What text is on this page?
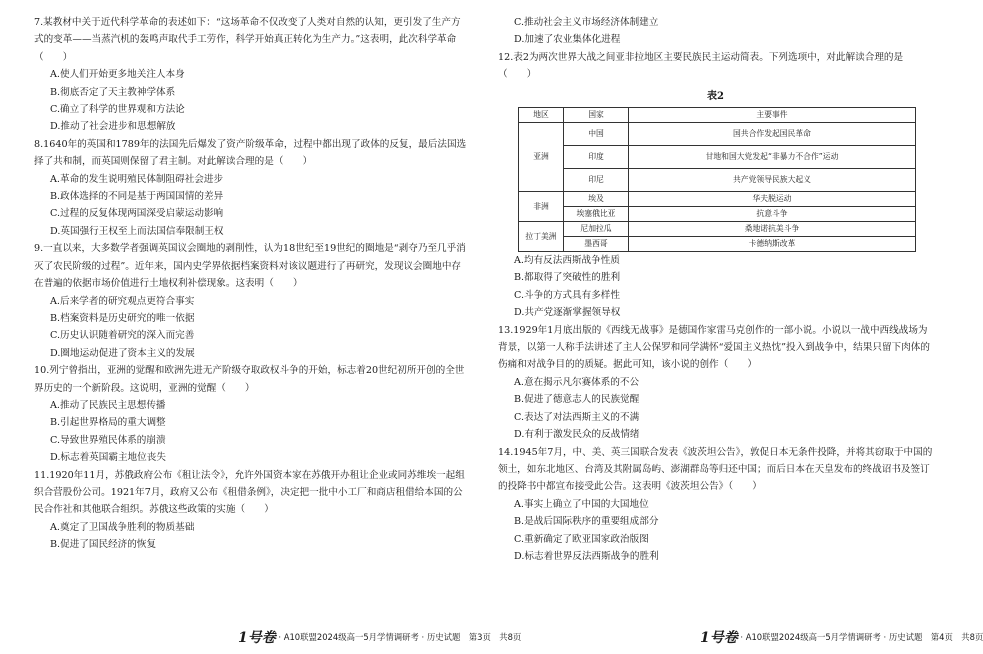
7.某教材中关于近代科学革命的表述如下：“这场革命不仅改变了人类对自然的认知，更引发了生产方式的变革——当蒸汽机的轰鸣声取代手工劳作，科学开始真正转化为生产力。”这表明，此次科学革命（　　）
A.使人们开始更多地关注人本身
B.彻底否定了天主教神学体系
C.确立了科学的世界观和方法论
D.推动了社会进步和思想解放
8.1640年的英国和1789年的法国先后爆发了资产阶级革命，过程中都出现了政体的反复，最后法国选择了共和制，而英国则保留了君主制。对此解读合理的是（　　）
A.革命的发生说明殖民体制阻碍社会进步
B.政体选择的不同是基于两国国情的差异
C.过程的反复体现两国深受启蒙运动影响
D.英国强行王权至上而法国信奉限制王权
9.一直以来，大多数学者强调英国议会圈地的剥削性，认为18世纪至19世纪的圈地是“剥夺乃至几乎消灭了农民阶级的过程”。近年来，国内史学界依据档案资料对该议题进行了再研究，发现议会圈地中存在普遍的依据市场价值进行土地权利补偿现象。这表明（　　）
A.后来学者的研究观点更符合事实
B.档案资料是历史研究的唯一依据
C.历史认识随着研究的深入而完善
D.圈地运动促进了资本主义的发展
10.列宁曾指出，亚洲的觉醒和欧洲先进无产阶级夺取政权斗争的开始，标志着20世纪初所开创的全世界历史的一个新阶段。这说明，亚洲的觉醒（　　）
A.推动了民族民主思想传播
B.引起世界格局的重大调整
C.导致世界殖民体系的崩溃
D.标志着英国霸主地位丧失
11.1920年11月，苏俄政府公布《租让法令》，允许外国资本家在苏俄开办租让企业或同苏维埃一起组织合营股份公司。1921年7月，政府又公布《租借条例》，决定把一批中小工厂和商店租借给本国的公民合作社和其他联合组织。苏俄这些政策的实施（　　）
A.奠定了卫国战争胜利的物质基础
B.促进了国民经济的恢复
1号卷 · A10联盟2024级高一5月学情调研考 · 历史试题　第3页　共8页
C.推动社会主义市场经济体制建立
D.加速了农业集体化进程
12.表2为两次世界大战之间亚非拉地区主要民族民主运动简表。下列选项中，对此解读合理的是（　　）
表2
地区	国家	主要事件
亚洲	中国	国共合作发起国民革命
	印度	甘地和国大党发起“非暴力不合作”运动
	印尼	共产党领导民族大起义
非洲	埃及	华夫脱运动
	埃塞俄比亚	抗意斗争
拉丁美洲	尼加拉瓜	桑地诺抗美斗争
	墨西哥	卡德纳斯改革
A.均有反法西斯战争性质
B.都取得了突破性的胜利
C.斗争的方式具有多样性
D.共产党逐渐掌握领导权
13.1929年1月底出版的《西线无战事》是德国作家雷马克创作的一部小说。小说以一战中西线战场为背景，以第一人称手法讲述了主人公保罗和同学满怀“爱国主义热忱”投入到战争中，结果只留下肉体的伤痛和对战争目的的质疑。据此可知，该小说的创作（　　）
A.意在揭示凡尔赛体系的不公
B.促进了德意志人的民族觉醒
C.表达了对法西斯主义的不满
D.有利于激发民众的反战情绪
14.1945年7月，中、美、英三国联合发表《波茨坦公告》，敦促日本无条件投降，并将其窃取于中国的领土，如东北地区、台湾及其附属岛屿、澎湖群岛等归还中国；而后日本在天皇发布的终战诏书及签订的投降书中都宣布接受此公告。这表明《波茨坦公告》（　　）
A.事实上确立了中国的大国地位
B.是战后国际秩序的重要组成部分
C.重新确定了欧亚国家政治版图
D.标志着世界反法西斯战争的胜利
1号卷 · A10联盟2024级高一5月学情调研考 · 历史试题　第4页　共8页
